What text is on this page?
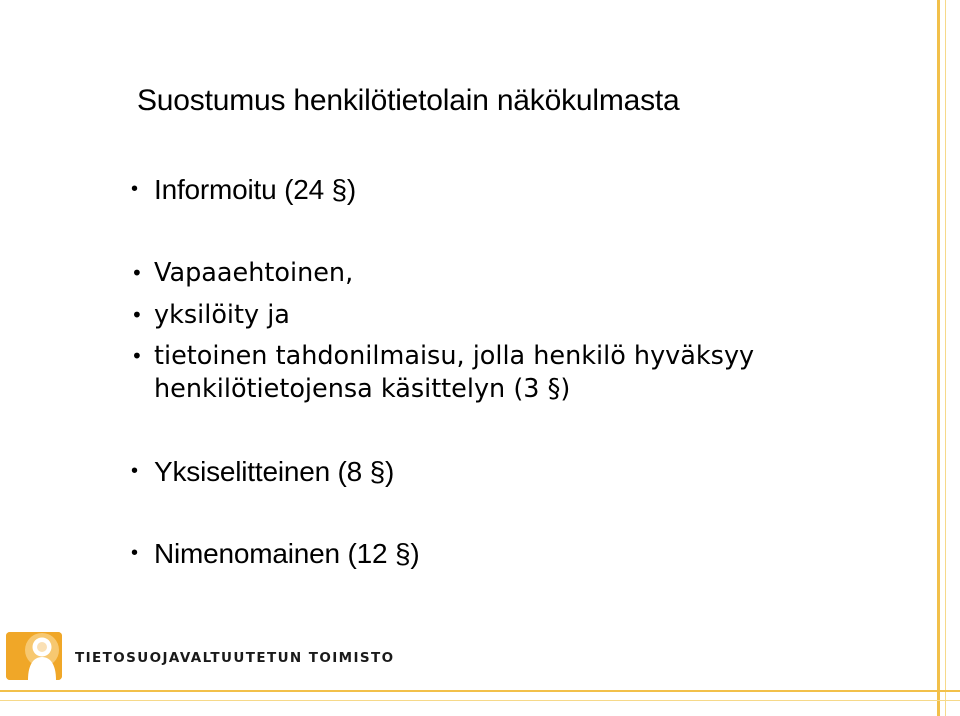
Suostumus henkilötietolain näkökulmasta
• Informoitu (24 §)
• Vapaaehtoinen,
• yksilöity ja
• tietoinen tahdonilmaisu, jolla henkilö hyväksyy
henkilötietojensa käsittelyn (3 §)
• Yksiselitteinen (8 §)
• Nimenomainen (12 §)
TIETOSUOJAVALTUUTETUN TOIMISTO
